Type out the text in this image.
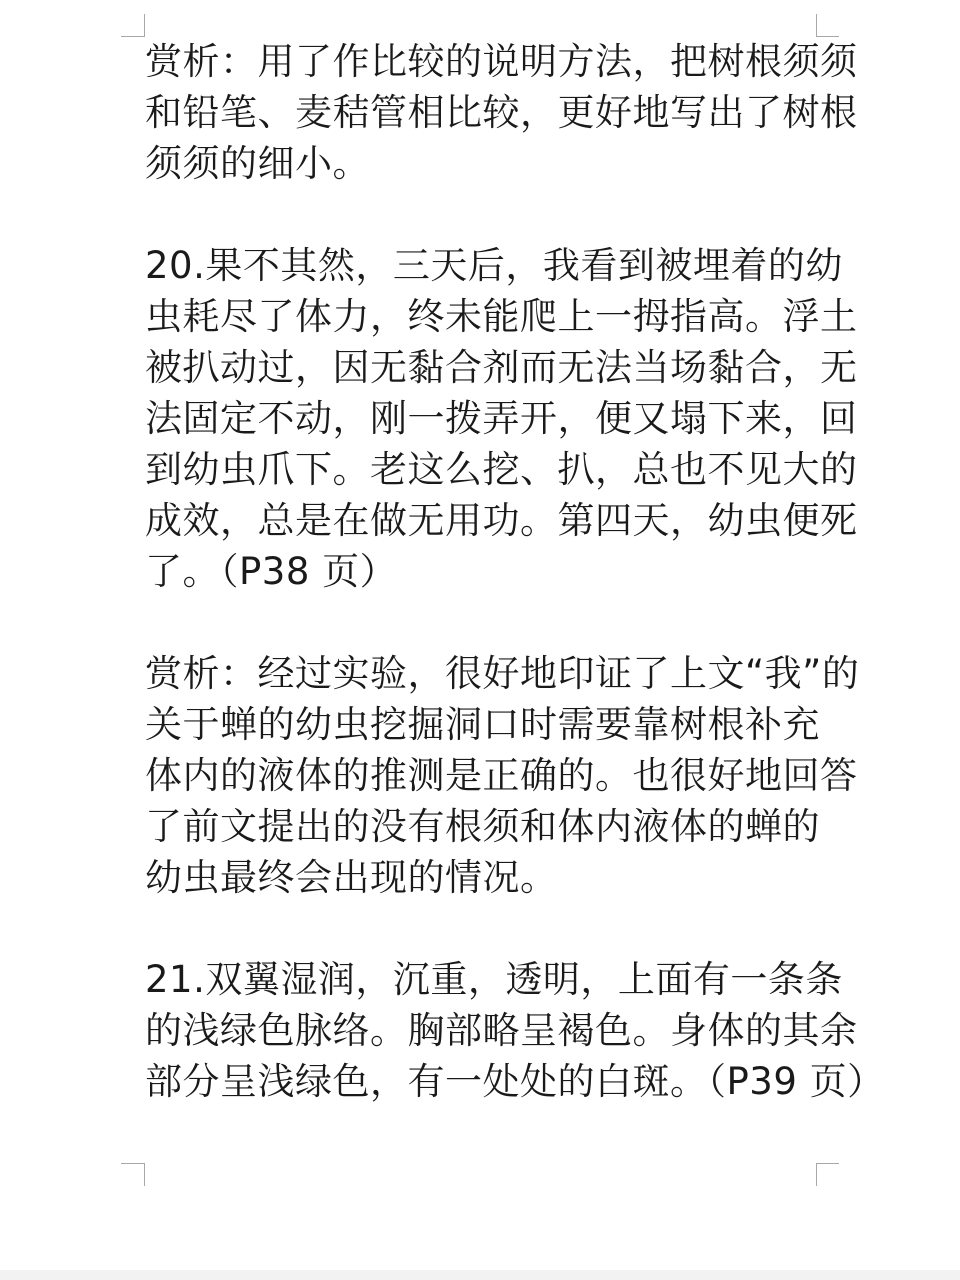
赏析：用了作比较的说明方法，把树根须须
和铅笔、麦秸管相比较，更好地写出了树根
须须的细小。
20.果不其然，三天后，我看到被埋着的幼
虫耗尽了体力，终未能爬上一拇指高。浮土
被扒动过，因无黏合剂而无法当场黏合，无
法固定不动，刚一拨弄开，便又塌下来，回
到幼虫爪下。老这么挖、扒，总也不见大的
成效，总是在做无用功。第四天，幼虫便死
了。（P38 页）
赏析：经过实验，很好地印证了上文“我”的
关于蝉的幼虫挖掘洞口时需要靠树根补充
体内的液体的推测是正确的。也很好地回答
了前文提出的没有根须和体内液体的蝉的
幼虫最终会出现的情况。
21.双翼湿润，沉重，透明，上面有一条条
的浅绿色脉络。胸部略呈褐色。身体的其余
部分呈浅绿色，有一处处的白斑。（P39 页）
